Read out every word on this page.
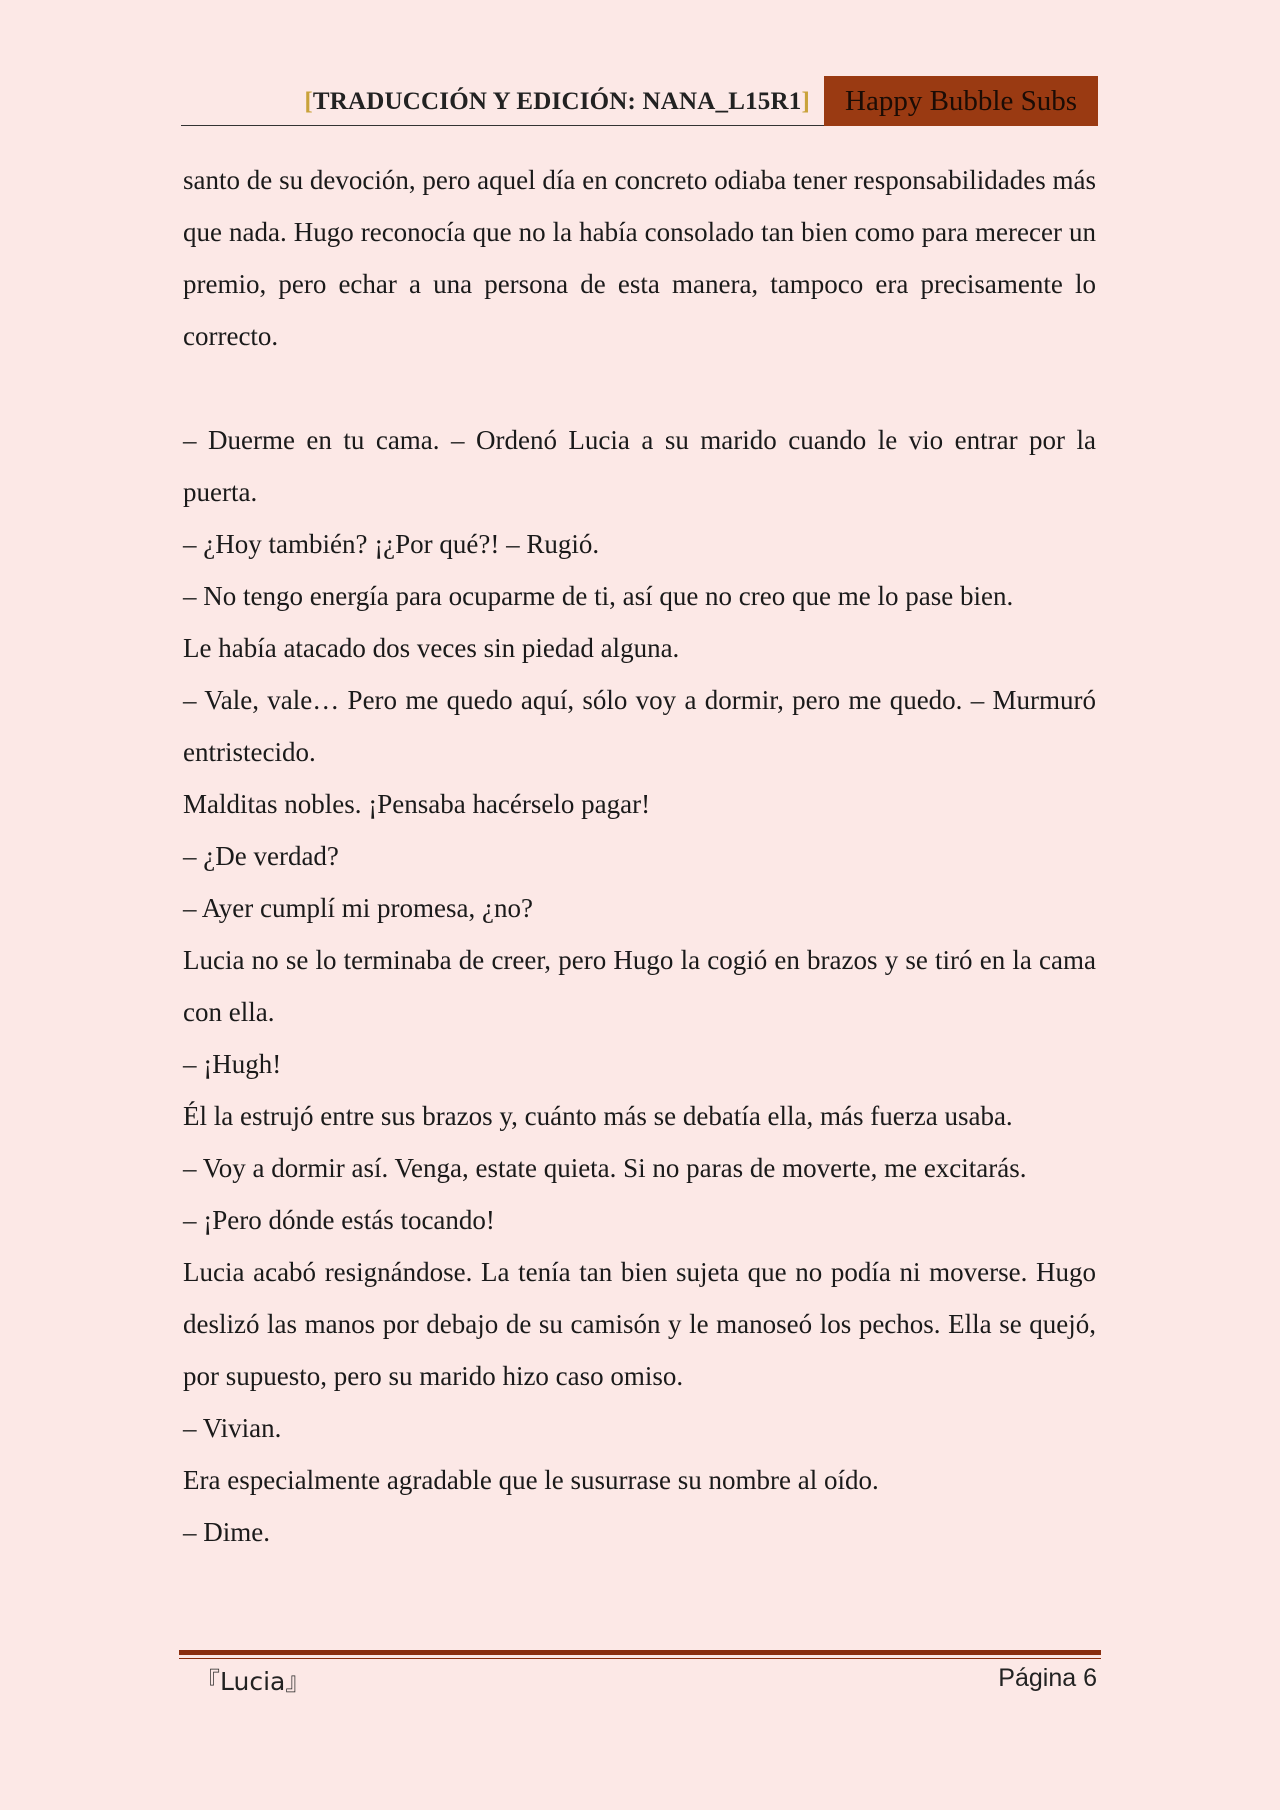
[TRADUCCIÓN Y EDICIÓN: NANA_L15R1]	Happy Bubble Subs

santo de su devoción, pero aquel día en concreto odiaba tener responsabilidades más que nada. Hugo reconocía que no la había consolado tan bien como para merecer un premio, pero echar a una persona de esta manera, tampoco era precisamente lo correcto.

– Duerme en tu cama. – Ordenó Lucia a su marido cuando le vio entrar por la puerta.

– ¿Hoy también? ¡¿Por qué?! – Rugió.

– No tengo energía para ocuparme de ti, así que no creo que me lo pase bien.

Le había atacado dos veces sin piedad alguna.

– Vale, vale… Pero me quedo aquí, sólo voy a dormir, pero me quedo. – Murmuró entristecido.

Malditas nobles. ¡Pensaba hacérselo pagar!

– ¿De verdad?

– Ayer cumplí mi promesa, ¿no?

Lucia no se lo terminaba de creer, pero Hugo la cogió en brazos y se tiró en la cama con ella.

– ¡Hugh!

Él la estrujó entre sus brazos y, cuánto más se debatía ella, más fuerza usaba.

– Voy a dormir así. Venga, estate quieta. Si no paras de moverte, me excitarás.

– ¡Pero dónde estás tocando!

Lucia acabó resignándose. La tenía tan bien sujeta que no podía ni moverse. Hugo deslizó las manos por debajo de su camisón y le manoseó los pechos. Ella se quejó, por supuesto, pero su marido hizo caso omiso.

– Vivian.

Era especialmente agradable que le susurrase su nombre al oído.

– Dime.

『Lucia』	Página 6
